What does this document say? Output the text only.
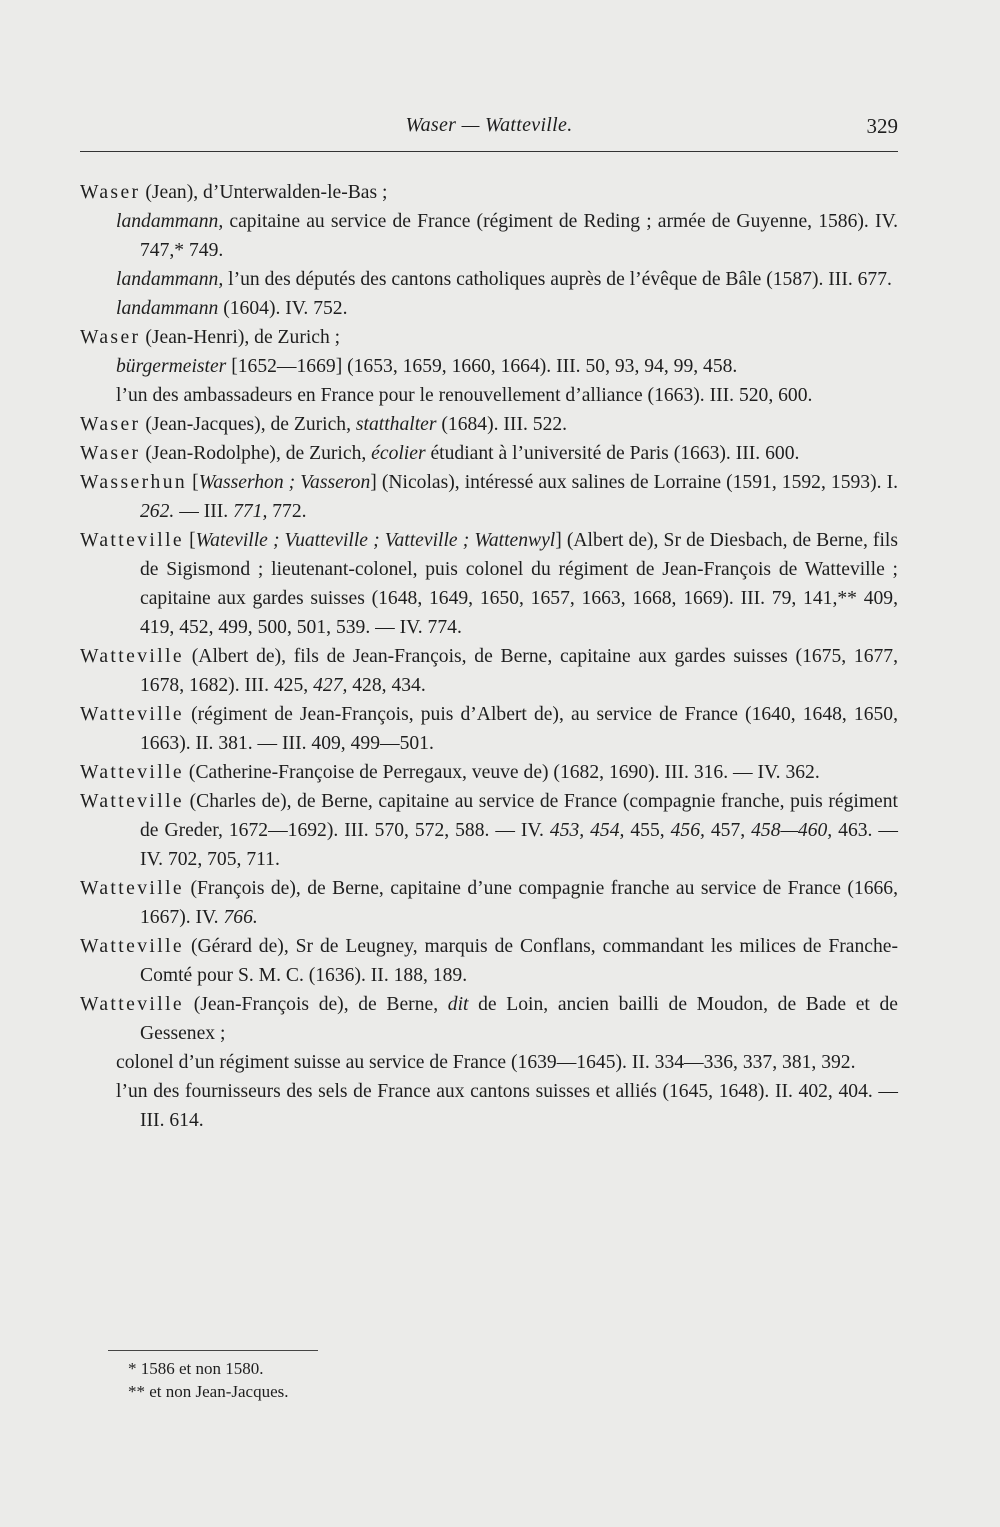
Waser — Watteville.	329

Waser (Jean), d’Unterwalden-le-Bas ;

landammann, capitaine au service de France (régiment de Reding ; armée de Guyenne, 1586). IV. 747,* 749.

landammann, l’un des députés des cantons catholiques auprès de l’évêque de Bâle (1587). III. 677.

landammann (1604). IV. 752.

Waser (Jean-Henri), de Zurich ;

bürgermeister [1652—1669] (1653, 1659, 1660, 1664). III. 50, 93, 94, 99, 458.

l’un des ambassadeurs en France pour le renouvellement d’alliance (1663). III. 520, 600.

Waser (Jean-Jacques), de Zurich, statthalter (1684). III. 522.

Waser (Jean-Rodolphe), de Zurich, écolier étudiant à l’université de Paris (1663). III. 600.

Wasserhun [Wasserhon ; Vasseron] (Nicolas), intéressé aux salines de Lorraine (1591, 1592, 1593). I. 262. — III. 771, 772.

Watteville [Wateville ; Vuatteville ; Vatteville ; Wattenwyl] (Albert de), Sr de Diesbach, de Berne, fils de Sigismond ; lieutenant-colonel, puis colonel du régiment de Jean-François de Watteville ; capitaine aux gardes suisses (1648, 1649, 1650, 1657, 1663, 1668, 1669). III. 79, 141,** 409, 419, 452, 499, 500, 501, 539. — IV. 774.

Watteville (Albert de), fils de Jean-François, de Berne, capitaine aux gardes suisses (1675, 1677, 1678, 1682). III. 425, 427, 428, 434.

Watteville (régiment de Jean-François, puis d’Albert de), au service de France (1640, 1648, 1650, 1663). II. 381. — III. 409, 499—501.

Watteville (Catherine-Françoise de Perregaux, veuve de) (1682, 1690). III. 316. — IV. 362.

Watteville (Charles de), de Berne, capitaine au service de France (compagnie franche, puis régiment de Greder, 1672—1692). III. 570, 572, 588. — IV. 453, 454, 455, 456, 457, 458—460, 463. — IV. 702, 705, 711.

Watteville (François de), de Berne, capitaine d’une compagnie franche au service de France (1666, 1667). IV. 766.

Watteville (Gérard de), Sr de Leugney, marquis de Conflans, commandant les milices de Franche-Comté pour S. M. C. (1636). II. 188, 189.

Watteville (Jean-François de), de Berne, dit de Loin, ancien bailli de Moudon, de Bade et de Gessenex ;

colonel d’un régiment suisse au service de France (1639—1645). II. 334—336, 337, 381, 392.

l’un des fournisseurs des sels de France aux cantons suisses et alliés (1645, 1648). II. 402, 404. — III. 614.

* 1586 et non 1580.
** et non Jean-Jacques.
